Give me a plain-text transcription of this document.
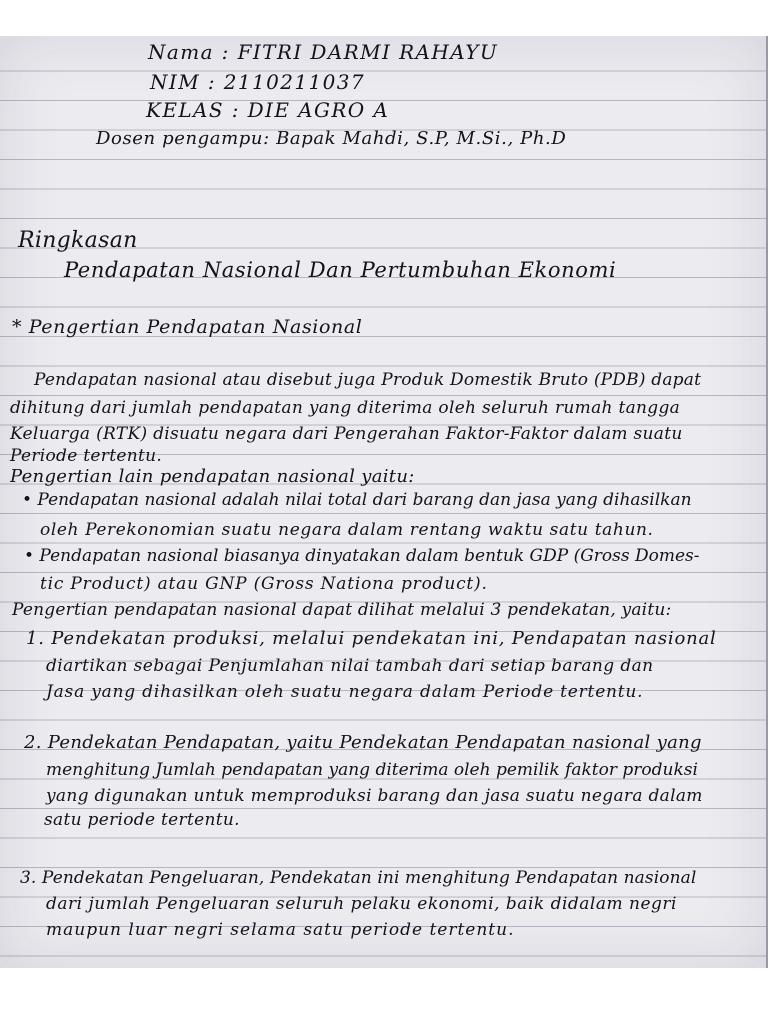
Nama : FITRI DARMI RAHAYU
NIM : 2110211037
KELAS : DIE AGRO A
Dosen pengampu: Bapak Mahdi, S.P, M.Si., Ph.D
Ringkasan
Pendapatan Nasional Dan Pertumbuhan Ekonomi
* Pengertian Pendapatan Nasional
Pendapatan nasional atau disebut juga Produk Domestik Bruto (PDB) dapat
dihitung dari jumlah pendapatan yang diterima oleh seluruh rumah tangga
Keluarga (RTK) disuatu negara dari Pengerahan Faktor-Faktor dalam suatu
Periode tertentu.
Pengertian lain pendapatan nasional yaitu:
• Pendapatan nasional adalah nilai total dari barang dan jasa yang dihasilkan
oleh Perekonomian suatu negara dalam rentang waktu satu tahun.
• Pendapatan nasional biasanya dinyatakan dalam bentuk GDP (Gross Domes-
tic Product) atau GNP (Gross Nationa product).
Pengertian pendapatan nasional dapat dilihat melalui 3 pendekatan, yaitu:
1. Pendekatan produksi, melalui pendekatan ini, Pendapatan nasional
diartikan sebagai Penjumlahan nilai tambah dari setiap barang dan
Jasa yang dihasilkan oleh suatu negara dalam Periode tertentu.
2. Pendekatan Pendapatan, yaitu Pendekatan Pendapatan nasional yang
menghitung Jumlah pendapatan yang diterima oleh pemilik faktor produksi
yang digunakan untuk memproduksi barang dan jasa suatu negara dalam
satu periode tertentu.
3. Pendekatan Pengeluaran, Pendekatan ini menghitung Pendapatan nasional
dari jumlah Pengeluaran seluruh pelaku ekonomi, baik didalam negri
maupun luar negri selama satu periode tertentu.
